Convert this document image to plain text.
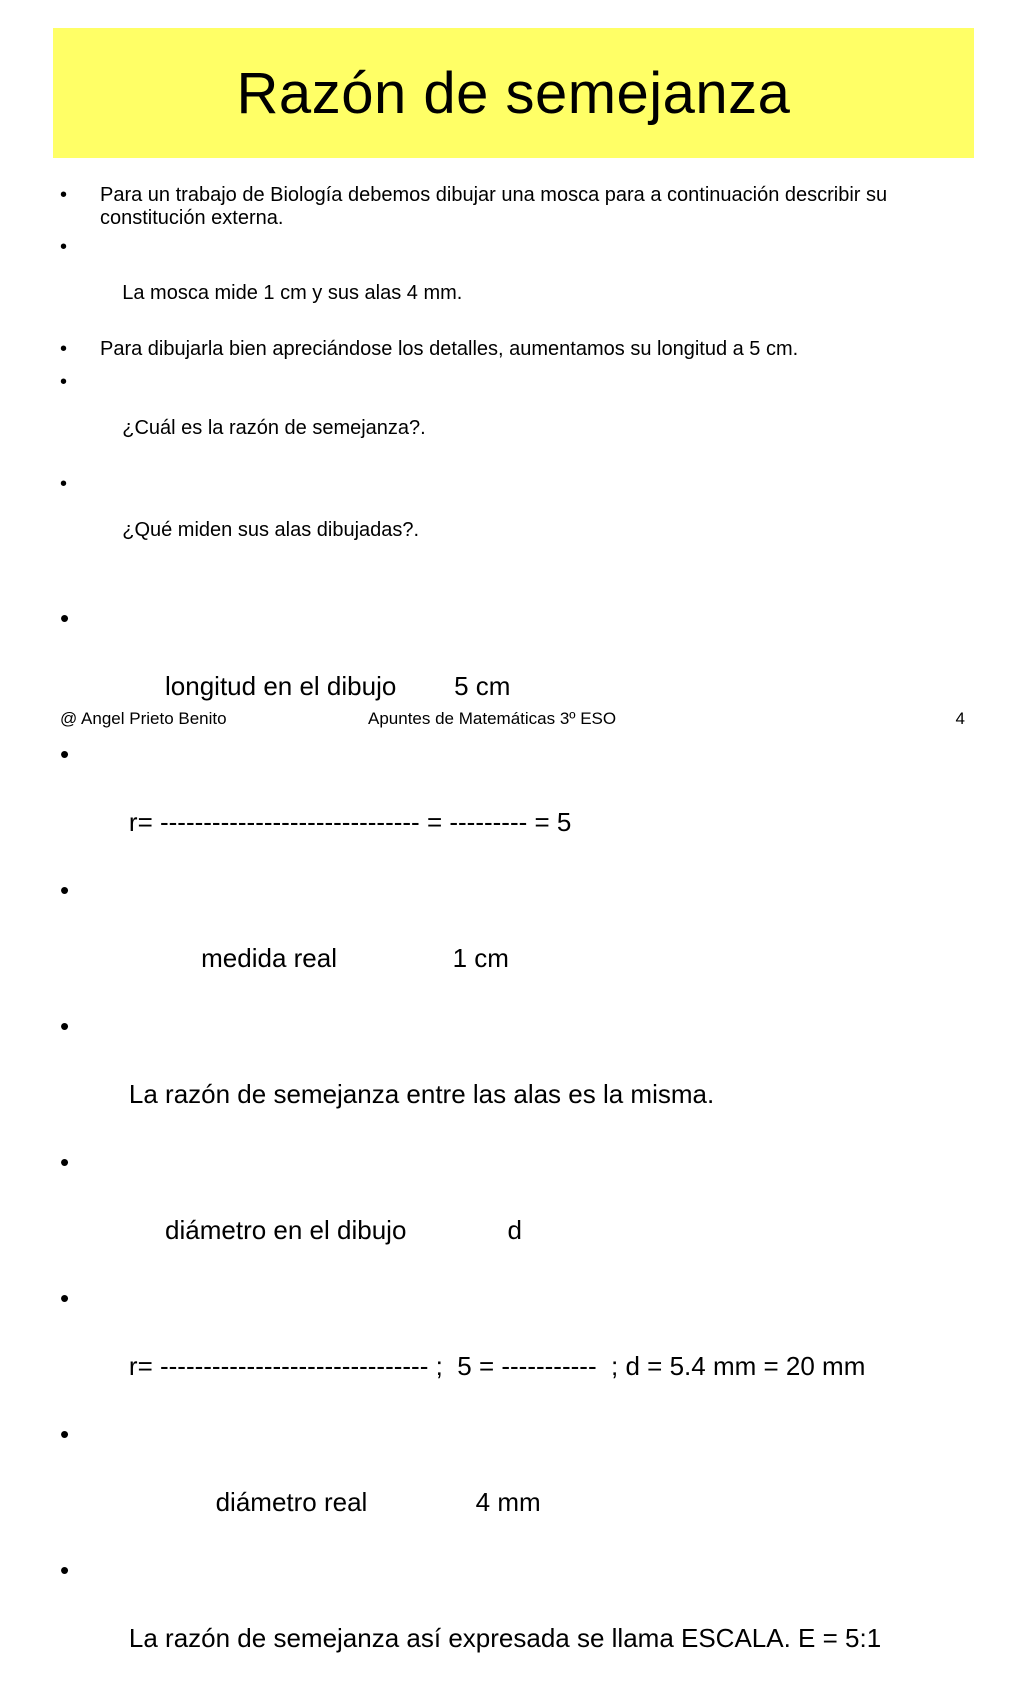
Razón de semejanza
• Para un trabajo de Biología debemos dibujar una mosca para a continuación describir su constitución externa.

•

La mosca mide 1 cm y sus alas 4 mm.

• Para dibujarla bien apreciándose los detalles, aumentamos su longitud a 5 cm.

•

¿Cuál es la razón de semejanza?.

•

¿Qué miden sus alas dibujadas?.

•

longitud en el dibujo        5 cm

•

r= ------------------------------ = --------- = 5

•

medida real                1 cm

•

La razón de semejanza entre las alas es la misma.

•

diámetro en el dibujo              d

•

r= ------------------------------- ;  5 = -----------  ; d = 5.4 mm = 20 mm

•

diámetro real               4 mm

•

La razón de semejanza así expresada se llama ESCALA. E = 5:1

@ Angel Prieto Benito	Apuntes de Matemáticas 3º ESO	4
